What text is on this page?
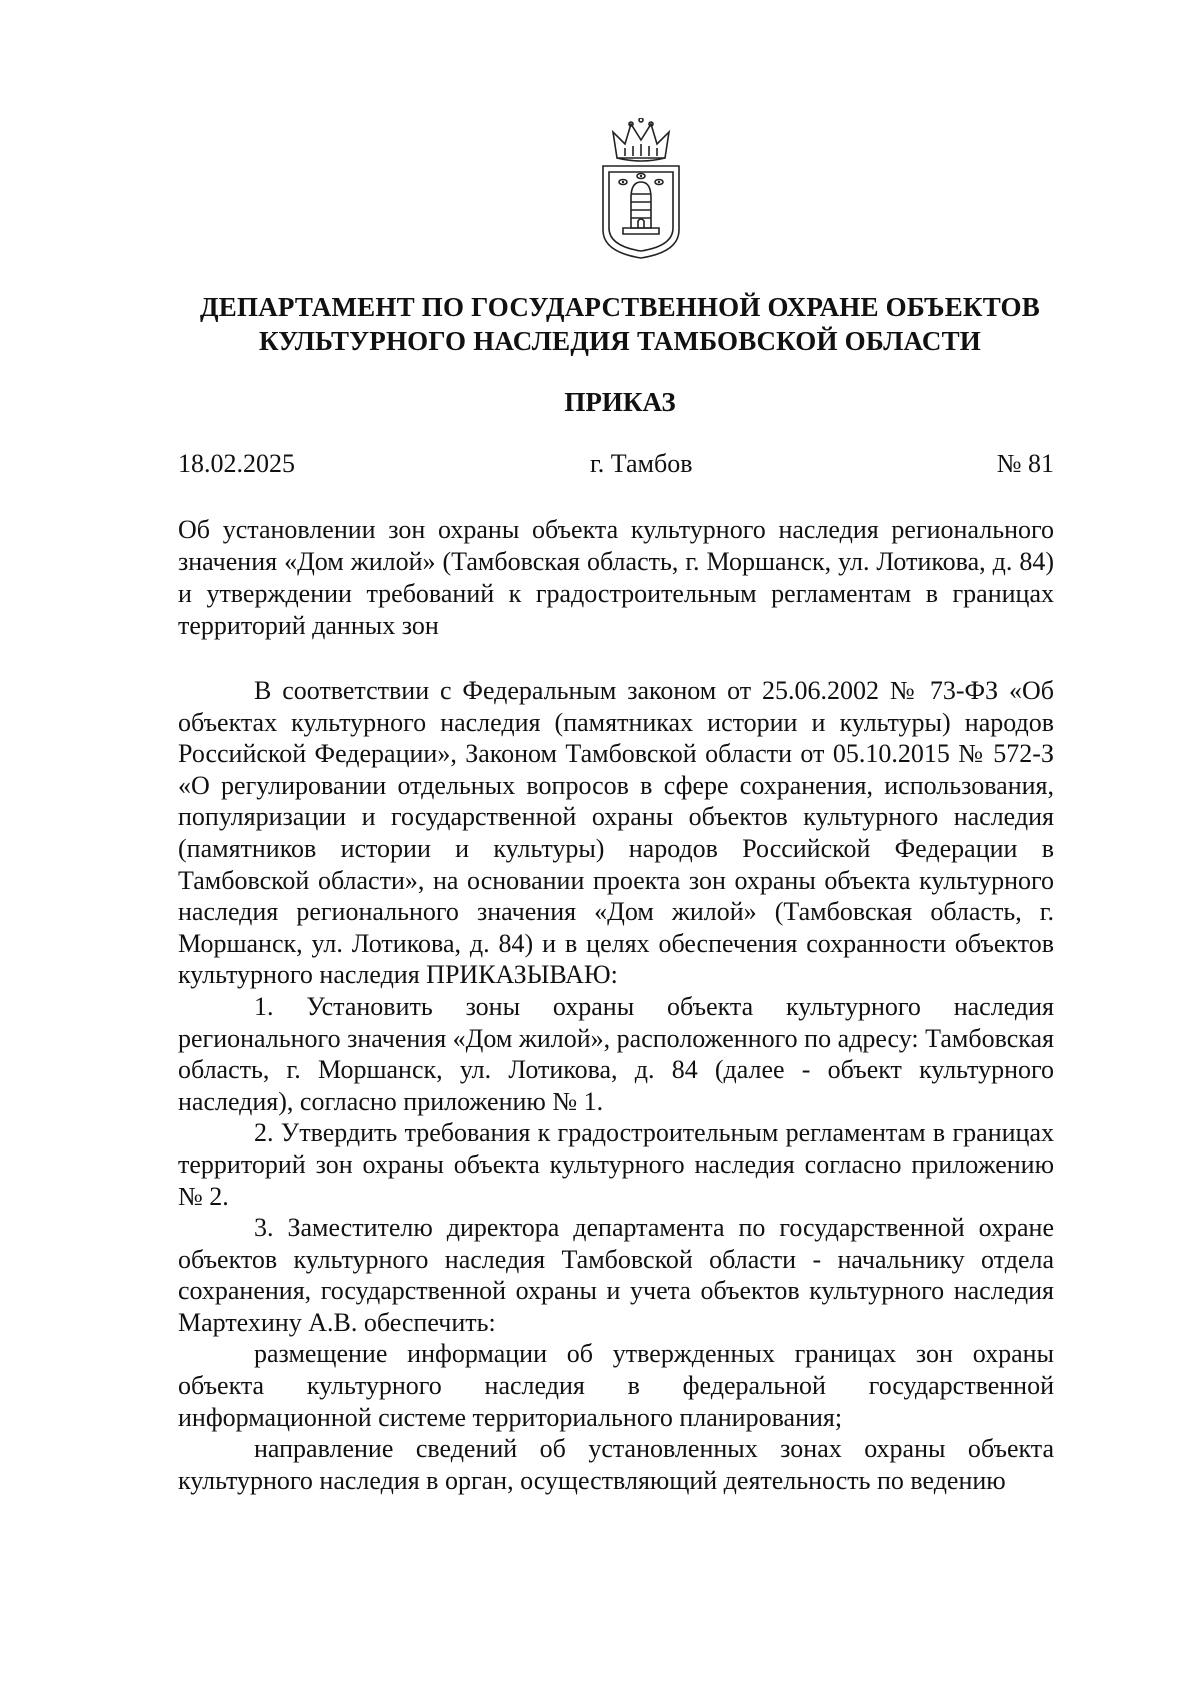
ДЕПАРТАМЕНТ ПО ГОСУДАРСТВЕННОЙ ОХРАНЕ ОБЪЕКТОВ
КУЛЬТУРНОГО НАСЛЕДИЯ ТАМБОВСКОЙ ОБЛАСТИ
ПРИКАЗ
18.02.2025	г. Тамбов	№ 81
Об установлении зон охраны объекта культурного наследия регионального значения «Дом жилой» (Тамбовская область, г. Моршанск, ул. Лотикова, д. 84) и утверждении требований к градостроительным регламентам в границах территорий данных зон

В соответствии с Федеральным законом от 25.06.2002 № 73-ФЗ «Об объектах культурного наследия (памятниках истории и культуры) народов Российской Федерации», Законом Тамбовской области от 05.10.2015 № 572-З «О регулировании отдельных вопросов в сфере сохранения, использования, популяризации и государственной охраны объектов культурного наследия (памятников истории и культуры) народов Российской Федерации в Тамбовской области», на основании проекта зон охраны объекта культурного наследия регионального значения «Дом жилой» (Тамбовская область, г. Моршанск, ул. Лотикова, д. 84) и в целях обеспечения сохранности объектов культурного наследия ПРИКАЗЫВАЮ:

1. Установить зоны охраны объекта культурного наследия регионального значения «Дом жилой», расположенного по адресу: Тамбовская область, г. Моршанск, ул. Лотикова, д. 84 (далее - объект культурного наследия), согласно приложению № 1.

2. Утвердить требования к градостроительным регламентам в границах территорий зон охраны объекта культурного наследия согласно приложению № 2.

3. Заместителю директора департамента по государственной охране объектов культурного наследия Тамбовской области - начальнику отдела сохранения, государственной охраны и учета объектов культурного наследия Мартехину А.В. обеспечить:

размещение информации об утвержденных границах зон охраны объекта культурного наследия в федеральной государственной информационной системе территориального планирования;

направление сведений об установленных зонах охраны объекта культурного наследия в орган, осуществляющий деятельность по ведению
